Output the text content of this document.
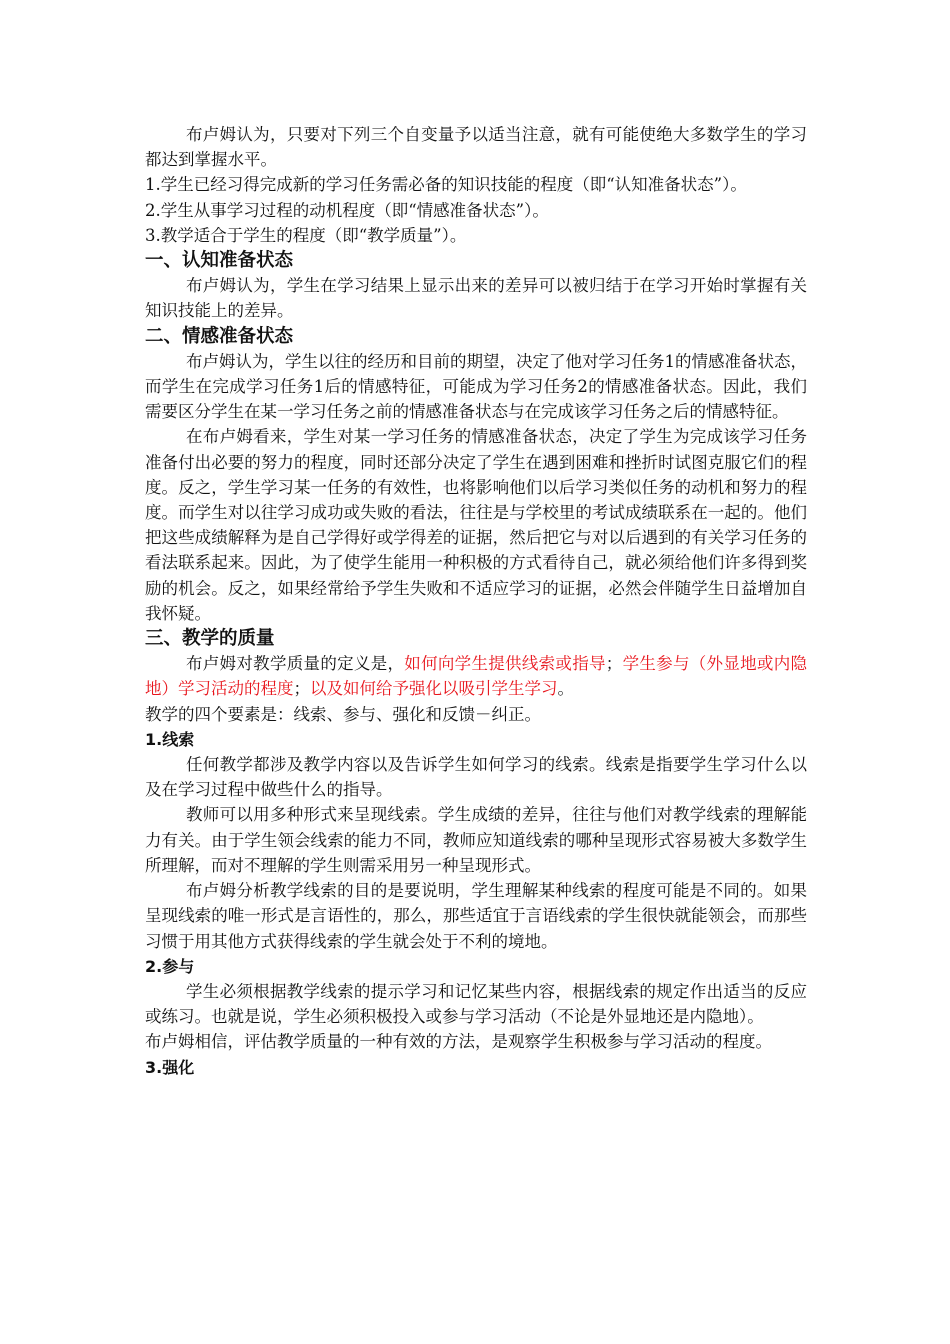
布卢姆认为，只要对下列三个自变量予以适当注意，就有可能使绝大多数学生的学习都达到掌握水平。

1.学生已经习得完成新的学习任务需必备的知识技能的程度（即“认知准备状态”）。

2.学生从事学习过程的动机程度（即“情感准备状态”）。

3.教学适合于学生的程度（即“教学质量”）。

一、认知准备状态

布卢姆认为，学生在学习结果上显示出来的差异可以被归结于在学习开始时掌握有关知识技能上的差异。

二、情感准备状态

布卢姆认为，学生以往的经历和目前的期望，决定了他对学习任务1的情感准备状态，而学生在完成学习任务1后的情感特征，可能成为学习任务2的情感准备状态。因此，我们需要区分学生在某一学习任务之前的情感准备状态与在完成该学习任务之后的情感特征。

在布卢姆看来，学生对某一学习任务的情感准备状态，决定了学生为完成该学习任务准备付出必要的努力的程度，同时还部分决定了学生在遇到困难和挫折时试图克服它们的程度。反之，学生学习某一任务的有效性，也将影响他们以后学习类似任务的动机和努力的程度。而学生对以往学习成功或失败的看法，往往是与学校里的考试成绩联系在一起的。他们把这些成绩解释为是自己学得好或学得差的证据，然后把它与对以后遇到的有关学习任务的看法联系起来。因此，为了使学生能用一种积极的方式看待自己，就必须给他们许多得到奖励的机会。反之，如果经常给予学生失败和不适应学习的证据，必然会伴随学生日益增加自我怀疑。

三、教学的质量

布卢姆对教学质量的定义是，如何向学生提供线索或指导；学生参与（外显地或内隐地）学习活动的程度；以及如何给予强化以吸引学生学习。

教学的四个要素是：线索、参与、强化和反馈－纠正。

1.线索

任何教学都涉及教学内容以及告诉学生如何学习的线索。线索是指要学生学习什么以及在学习过程中做些什么的指导。

教师可以用多种形式来呈现线索。学生成绩的差异，往往与他们对教学线索的理解能力有关。由于学生领会线索的能力不同，教师应知道线索的哪种呈现形式容易被大多数学生所理解，而对不理解的学生则需采用另一种呈现形式。

布卢姆分析教学线索的目的是要说明，学生理解某种线索的程度可能是不同的。如果呈现线索的唯一形式是言语性的，那么，那些适宜于言语线索的学生很快就能领会，而那些习惯于用其他方式获得线索的学生就会处于不利的境地。

2.参与

学生必须根据教学线索的提示学习和记忆某些内容，根据线索的规定作出适当的反应或练习。也就是说，学生必须积极投入或参与学习活动（不论是外显地还是内隐地）。

布卢姆相信，评估教学质量的一种有效的方法，是观察学生积极参与学习活动的程度。

3.强化
